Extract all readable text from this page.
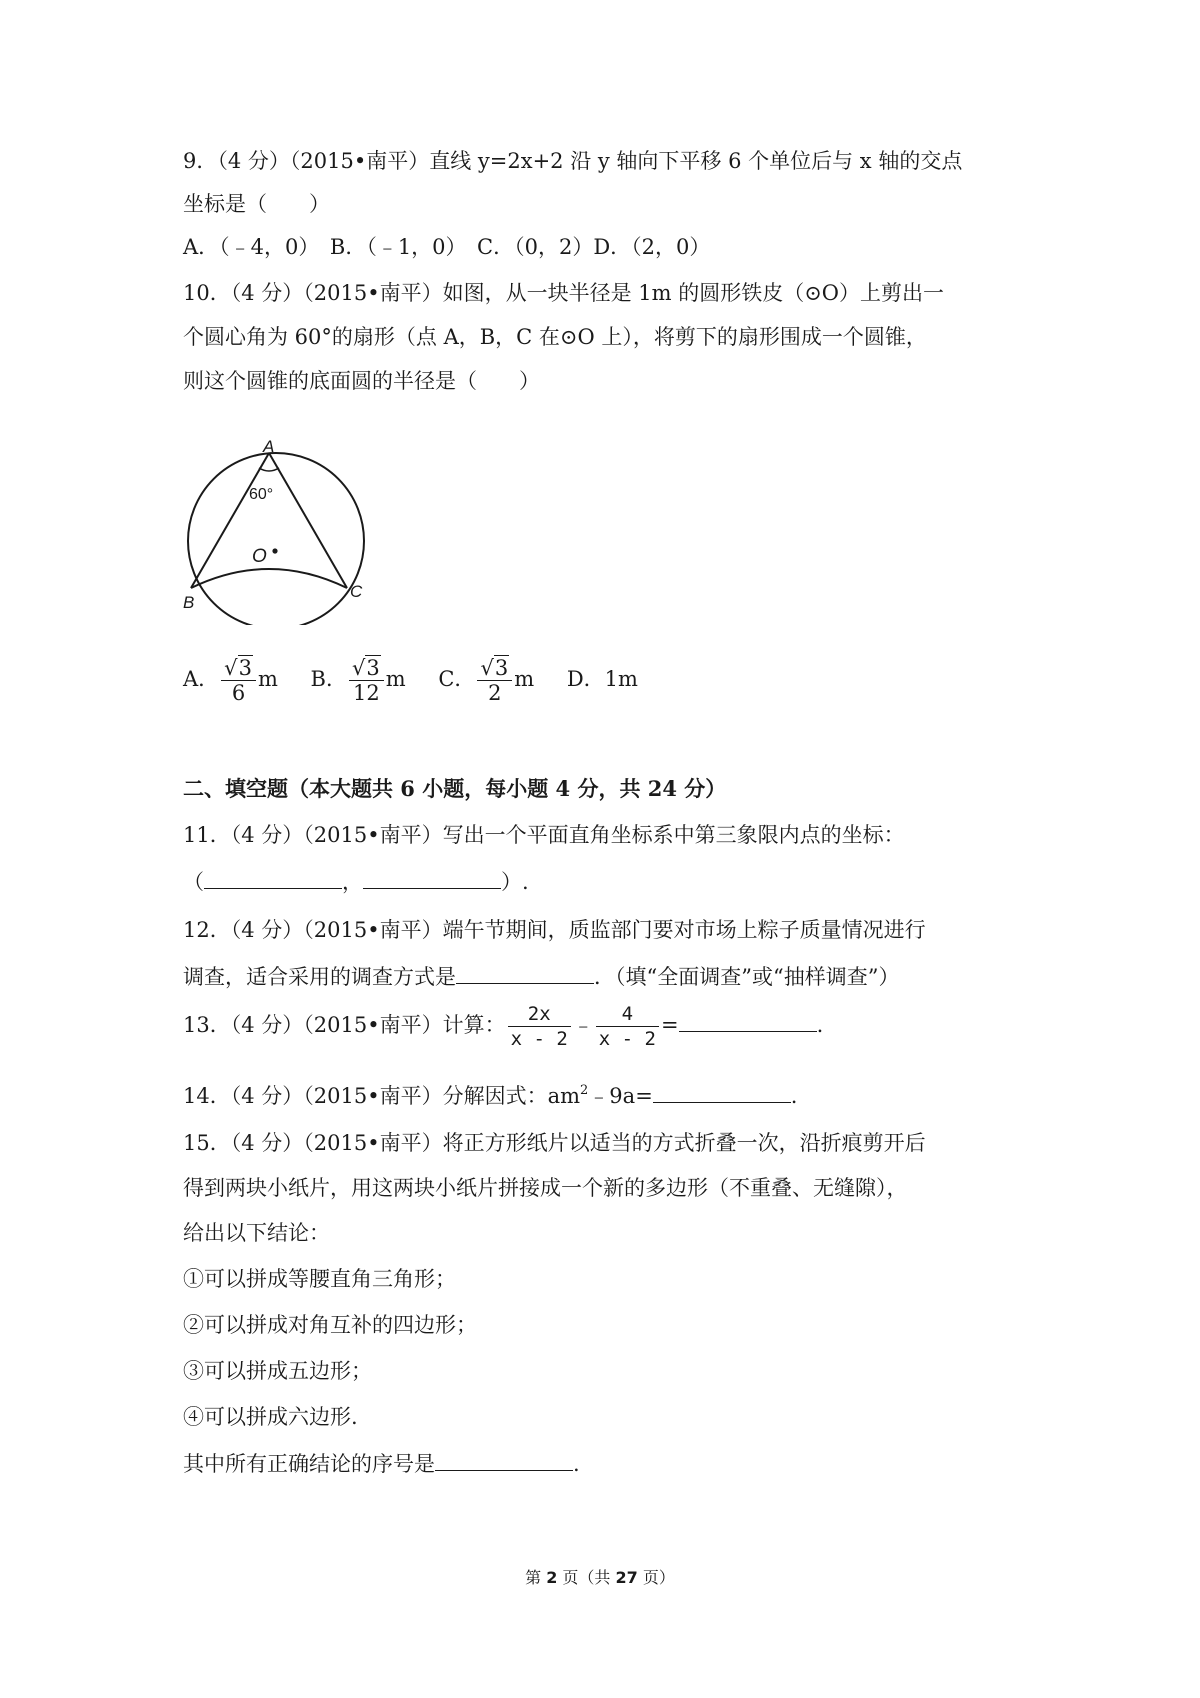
9．（4 分）（2015•南平）直线 y=2x+2 沿 y 轴向下平移 6 个单位后与 x 轴的交点
坐标是（　　）
A．（﹣4，0）　B．（﹣1，0）　C．（0，2）D．（2，0）
10．（4 分）（2015•南平）如图，从一块半径是 1m 的圆形铁皮（⊙O）上剪出一
个圆心角为 60°的扇形（点 A，B，C 在⊙O 上），将剪下的扇形围成一个圆锥，
则这个圆锥的底面圆的半径是（　　）
A
60°
O
B
C
A． $\frac{√3}{6}$ m B． $\frac{√3}{12}$ m C． $\frac{√3}{2}$ m D．1m
二、填空题（本大题共 6 小题，每小题 4 分，共 24 分）
11．（4 分）（2015•南平）写出一个平面直角坐标系中第三象限内点的坐标：
（	，	）.
12．（4 分）（2015•南平）端午节期间，质监部门要对市场上粽子质量情况进行
调查，适合采用的调查方式是	．（填“全面调查”或“抽样调查”）
13．（4 分）（2015•南平）计算： $\frac{2x}{x - 2}$ ﹣ $\frac{4}{x - 2}$ =	.
14．（4 分）（2015•南平）分解因式：$am^2﹣9a=$	.
15．（4 分）（2015•南平）将正方形纸片以适当的方式折叠一次，沿折痕剪开后
得到两块小纸片，用这两块小纸片拼接成一个新的多边形（不重叠、无缝隙），
给出以下结论：
①可以拼成等腰直角三角形；
②可以拼成对角互补的四边形；
③可以拼成五边形；
④可以拼成六边形.
其中所有正确结论的序号是	.
第 2 页（共 27 页）
